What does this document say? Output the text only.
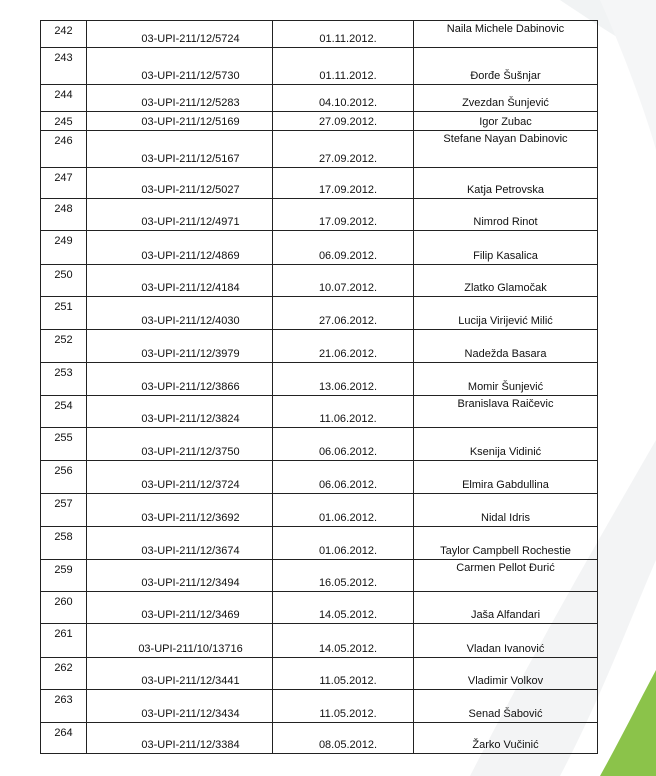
242	03-UPI-211/12/5724	01.11.2012.	Naila Michele Dabinovic
243	03-UPI-211/12/5730	01.11.2012.	Đorđe Šušnjar
244	03-UPI-211/12/5283	04.10.2012.	Zvezdan Šunjević
245	03-UPI-211/12/5169	27.09.2012.	Igor Zubac
246	03-UPI-211/12/5167	27.09.2012.	Stefane Nayan Dabinovic
247	03-UPI-211/12/5027	17.09.2012.	Katja Petrovska
248	03-UPI-211/12/4971	17.09.2012.	Nimrod Rinot
249	03-UPI-211/12/4869	06.09.2012.	Filip Kasalica
250	03-UPI-211/12/4184	10.07.2012.	Zlatko Glamočak
251	03-UPI-211/12/4030	27.06.2012.	Lucija Virijević Milić
252	03-UPI-211/12/3979	21.06.2012.	Nadežda Basara
253	03-UPI-211/12/3866	13.06.2012.	Momir Šunjević
254	03-UPI-211/12/3824	11.06.2012.	Branislava Raičevic
255	03-UPI-211/12/3750	06.06.2012.	Ksenija Vidinić
256	03-UPI-211/12/3724	06.06.2012.	Elmira Gabdullina
257	03-UPI-211/12/3692	01.06.2012.	Nidal Idris
258	03-UPI-211/12/3674	01.06.2012.	Taylor Campbell Rochestie
259	03-UPI-211/12/3494	16.05.2012.	Carmen Pellot Đurić
260	03-UPI-211/12/3469	14.05.2012.	Jaša Alfandari
261	03-UPI-211/10/13716	14.05.2012.	Vladan Ivanović
262	03-UPI-211/12/3441	11.05.2012.	Vladimir Volkov
263	03-UPI-211/12/3434	11.05.2012.	Senad Šabović
264	03-UPI-211/12/3384	08.05.2012.	Žarko Vučinić
